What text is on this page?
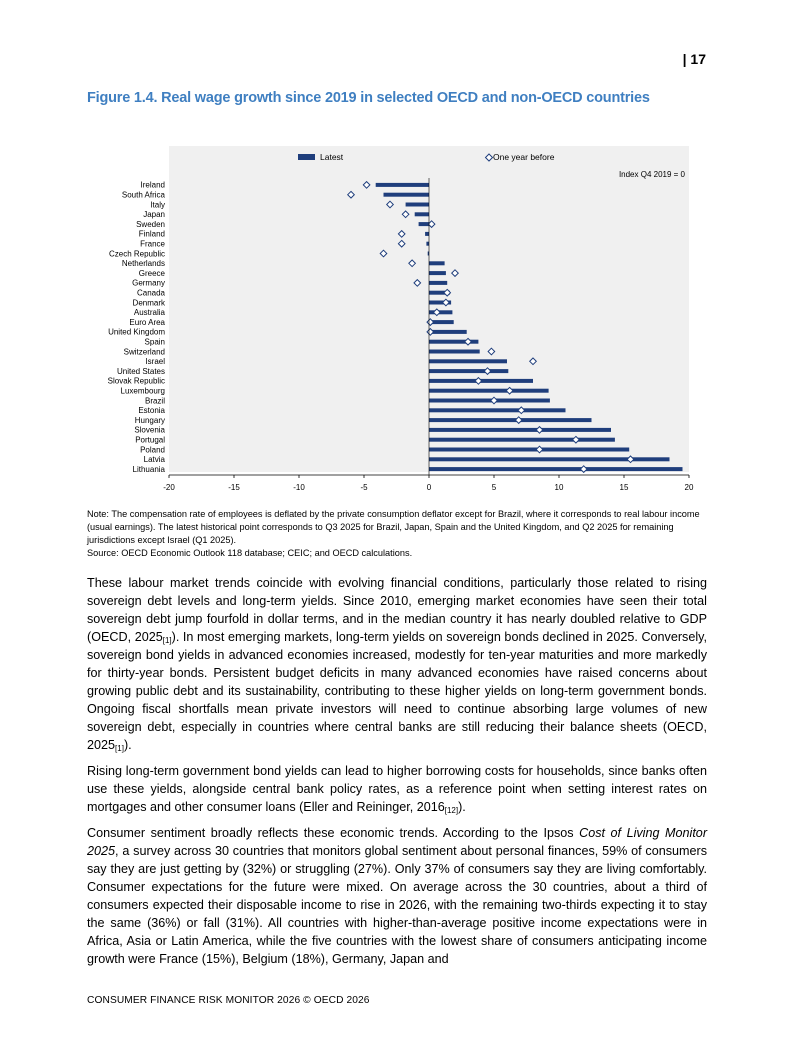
| 17
Figure 1.4. Real wage growth since 2019 in selected OECD and non-OECD countries
Latest	One year before
Index Q4 2019 = 0
Ireland
South Africa
Italy
Japan
Sweden
Finland
France
Czech Republic
Netherlands
Greece
Germany
Canada
Denmark
Australia
Euro Area
United Kingdom
Spain
Switzerland
Israel
United States
Slovak Republic
Luxembourg
Brazil
Estonia
Hungary
Slovenia
Portugal
Poland
Latvia
Lithuania
-20	-15	-10	-5	0	5	10	15	20

Note: The compensation rate of employees is deflated by the private consumption deflator except for Brazil, where it corresponds to real labour income (usual earnings). The latest historical point corresponds to Q3 2025 for Brazil, Japan, Spain and the United Kingdom, and Q2 2025 for remaining jurisdictions except Israel (Q1 2025).

Source: OECD Economic Outlook 118 database; CEIC; and OECD calculations.

These labour market trends coincide with evolving financial conditions, particularly those related to rising sovereign debt levels and long-term yields. Since 2010, emerging market economies have seen their total sovereign debt jump fourfold in dollar terms, and in the median country it has nearly doubled relative to GDP (OECD, $2025_{[1]}$). In most emerging markets, long-term yields on sovereign bonds declined in 2025. Conversely, sovereign bond yields in advanced economies increased, modestly for ten-year maturities and more markedly for thirty-year bonds. Persistent budget deficits in many advanced economies have raised concerns about growing public debt and its sustainability, contributing to these higher yields on long-term government bonds. Ongoing fiscal shortfalls mean private investors will need to continue absorbing large volumes of new sovereign debt, especially in countries where central banks are still reducing their balance sheets (OECD, $2025_{[1]}$).

Rising long-term government bond yields can lead to higher borrowing costs for households, since banks often use these yields, alongside central bank policy rates, as a reference point when setting interest rates on mortgages and other consumer loans (Eller and Reininger, $2016_{[12]}$).

Consumer sentiment broadly reflects these economic trends. According to the Ipsos Cost of Living Monitor 2025, a survey across 30 countries that monitors global sentiment about personal finances, 59% of consumers say they are just getting by (32%) or struggling (27%). Only 37% of consumers say they are living comfortably. Consumer expectations for the future were mixed. On average across the 30 countries, about a third of consumers expected their disposable income to rise in 2026, with the remaining two-thirds expecting it to stay the same (36%) or fall (31%). All countries with higher-than-average positive income expectations were in Africa, Asia or Latin America, while the five countries with the lowest share of consumers anticipating income growth were France (15%), Belgium (18%), Germany, Japan and

CONSUMER FINANCE RISK MONITOR 2026 © OECD 2026
